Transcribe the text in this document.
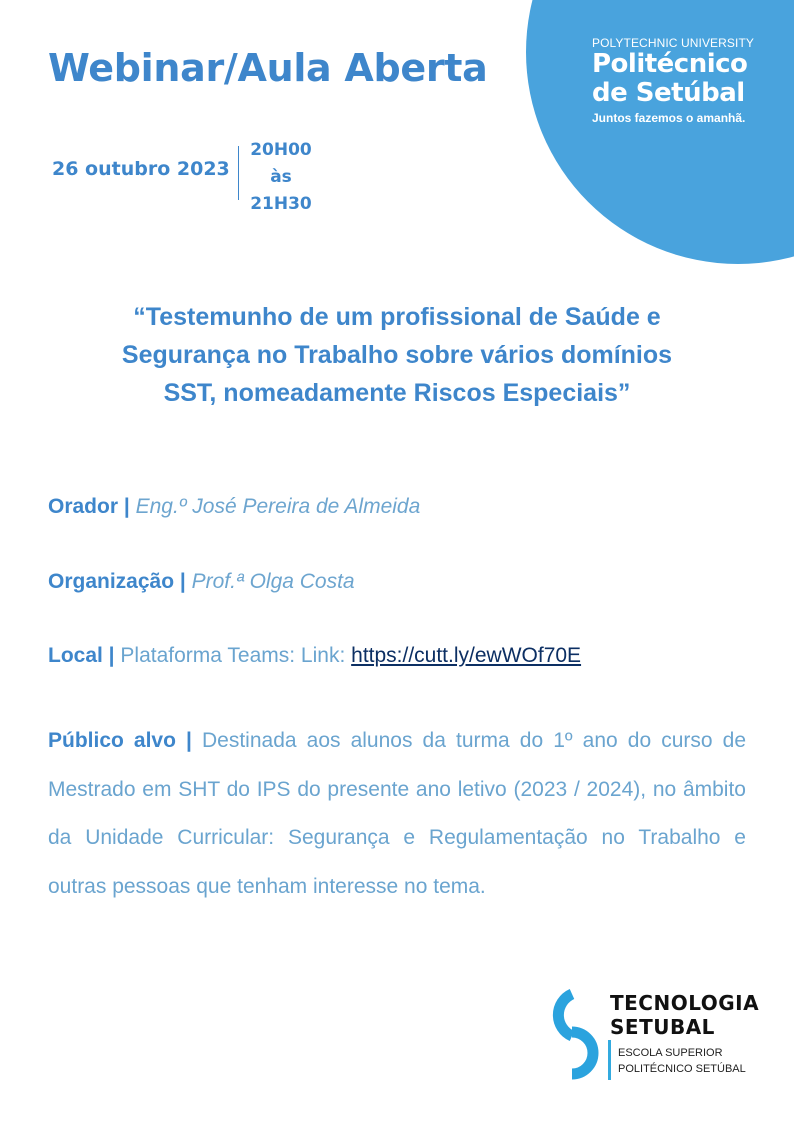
POLYTECHNIC UNIVERSITY
Politécnico
de Setúbal
Juntos fazemos o amanhã.
Webinar/Aula Aberta
26 outubro 2023
20H00
às
21H30
“Testemunho de um profissional de Saúde e
Segurança no Trabalho sobre vários domínios
SST, nomeadamente Riscos Especiais”
Orador | Eng.º José Pereira de Almeida
Organização | Prof.ª Olga Costa
Local | Plataforma Teams: Link: https://cutt.ly/ewWOf70E
Público alvo | Destinada aos alunos da turma do 1º ano do curso de Mestrado em SHT do IPS do presente ano letivo (2023 / 2024), no âmbito da Unidade Curricular: Segurança e Regulamentação no Trabalho e outras pessoas que tenham interesse no tema.
TECNOLOGIA
SETUBAL
ESCOLA SUPERIOR
POLITÉCNICO SETÚBAL
